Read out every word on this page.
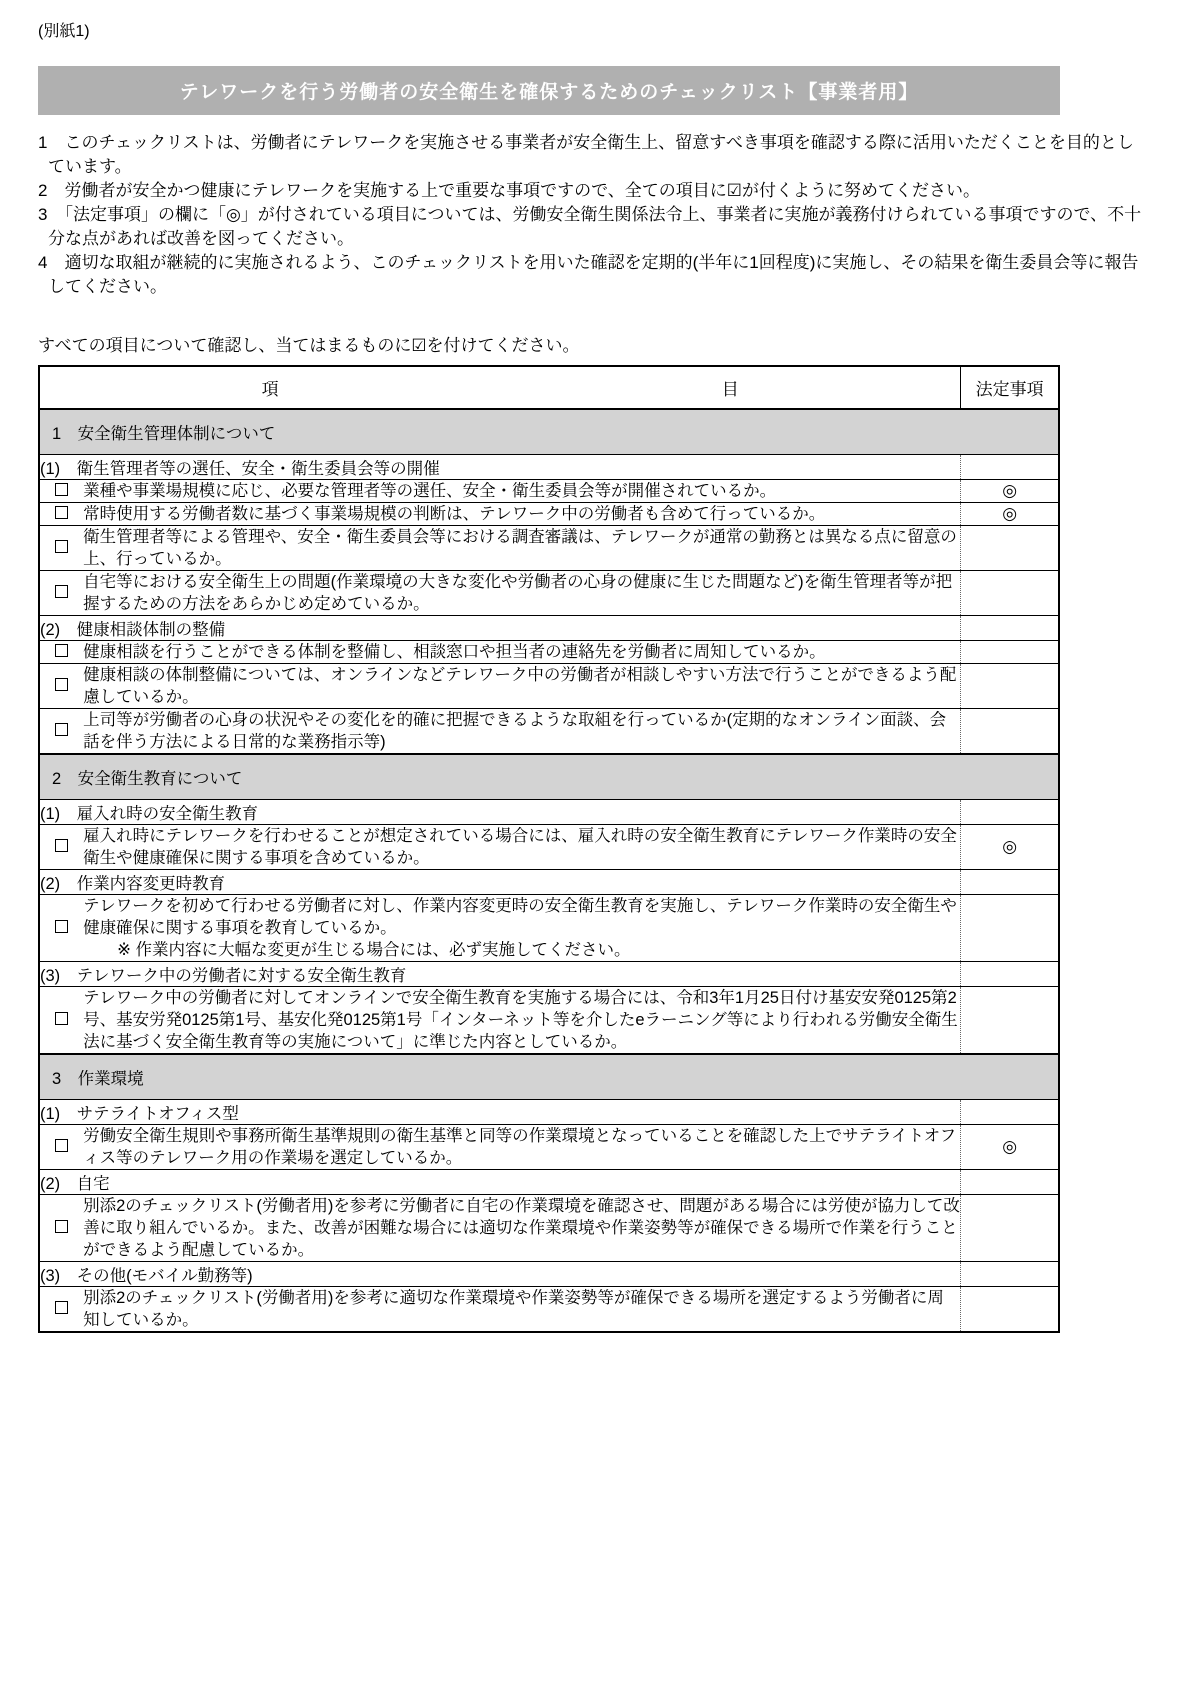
(別紙1)
テレワークを行う労働者の安全衛生を確保するためのチェックリスト【事業者用】
1　このチェックリストは、労働者にテレワークを実施させる事業者が安全衛生上、留意すべき事項を確認する際に活用いただくことを目的としています。
2　労働者が安全かつ健康にテレワークを実施する上で重要な事項ですので、全ての項目に☑が付くように努めてください。
3　「法定事項」の欄に「◎」が付されている項目については、労働安全衛生関係法令上、事業者に実施が義務付けられている事項ですので、不十分な点があれば改善を図ってください。
4　適切な取組が継続的に実施されるよう、このチェックリストを用いた確認を定期的(半年に1回程度)に実施し、その結果を衛生委員会等に報告してください。
すべての項目について確認し、当てはまるものに☑を付けてください。
項 目		法定事項
1　安全衛生管理体制について		
(1)　衛生管理者等の選任、安全・衛生委員会等の開催		
	業種や事業場規模に応じ、必要な管理者等の選任、安全・衛生委員会等が開催されているか。	◎
	常時使用する労働者数に基づく事業場規模の判断は、テレワーク中の労働者も含めて行っているか。	◎
	衛生管理者等による管理や、安全・衛生委員会等における調査審議は、テレワークが通常の勤務とは異なる点に留意の上、行っているか。	
	自宅等における安全衛生上の問題(作業環境の大きな変化や労働者の心身の健康に生じた問題など)を衛生管理者等が把握するための方法をあらかじめ定めているか。	
(2)　健康相談体制の整備		
	健康相談を行うことができる体制を整備し、相談窓口や担当者の連絡先を労働者に周知しているか。	
	健康相談の体制整備については、オンラインなどテレワーク中の労働者が相談しやすい方法で行うことができるよう配慮しているか。	
	上司等が労働者の心身の状況やその変化を的確に把握できるような取組を行っているか(定期的なオンライン面談、会話を伴う方法による日常的な業務指示等)	
2　安全衛生教育について		
(1)　雇入れ時の安全衛生教育		
	雇入れ時にテレワークを行わせることが想定されている場合には、雇入れ時の安全衛生教育にテレワーク作業時の安全衛生や健康確保に関する事項を含めているか。	◎
(2)　作業内容変更時教育		
	テレワークを初めて行わせる労働者に対し、作業内容変更時の安全衛生教育を実施し、テレワーク作業時の安全衛生や健康確保に関する事項を教育しているか。
※ 作業内容に大幅な変更が生じる場合には、必ず実施してください。	

(3)　テレワーク中の労働者に対する安全衛生教育		
	テレワーク中の労働者に対してオンラインで安全衛生教育を実施する場合には、令和3年1月25日付け基安安発0125第2号、基安労発0125第1号、基安化発0125第1号「インターネット等を介したeラーニング等により行われる労働安全衛生法に基づく安全衛生教育等の実施について」に準じた内容としているか。	
3　作業環境		
(1)　サテライトオフィス型		
	労働安全衛生規則や事務所衛生基準規則の衛生基準と同等の作業環境となっていることを確認した上でサテライトオフィス等のテレワーク用の作業場を選定しているか。	◎
(2)　自宅		
	別添2のチェックリスト(労働者用)を参考に労働者に自宅の作業環境を確認させ、問題がある場合には労使が協力して改善に取り組んでいるか。また、改善が困難な場合には適切な作業環境や作業姿勢等が確保できる場所で作業を行うことができるよう配慮しているか。	
(3)　その他(モバイル勤務等)		
	別添2のチェックリスト(労働者用)を参考に適切な作業環境や作業姿勢等が確保できる場所を選定するよう労働者に周知しているか。	
